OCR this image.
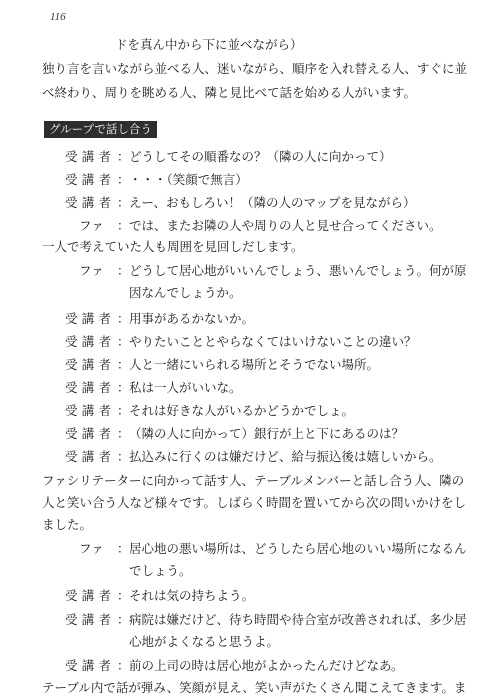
116
ドを真ん中から下に並べながら）
独り言を言いながら並べる人、迷いながら、順序を入れ替える人、すぐに並
べ終わり、周りを眺める人、隣と見比べて話を始める人がいます。
グループで話し合う
受講者 ： どうしてその順番なの？（隣の人に向かって）
受講者 ： ・・・（笑顔で無言）
受講者 ： えー、おもしろい！（隣の人のマップを見ながら）
ファ ： では、またお隣の人や周りの人と見せ合ってください。
一人で考えていた人も周囲を見回しだします。
ファ ： どうして居心地がいいんでしょう、悪いんでしょう。何が原
因なんでしょうか。
受講者 ： 用事があるかないか。
受講者 ： やりたいこととやらなくてはいけないことの違い？
受講者 ： 人と一緒にいられる場所とそうでない場所。
受講者 ： 私は一人がいいな。
受講者 ： それは好きな人がいるかどうかでしょ。
受講者 ： （隣の人に向かって）銀行が上と下にあるのは？
受講者 ： 払込みに行くのは嫌だけど、給与振込後は嬉しいから。
ファシリテーターに向かって話す人、テーブルメンバーと話し合う人、隣の
人と笑い合う人など様々です。しばらく時間を置いてから次の問いかけをし
ました。
ファ ： 居心地の悪い場所は、どうしたら居心地のいい場所になるん
でしょう。
受講者 ： それは気の持ちよう。
受講者 ： 病院は嫌だけど、待ち時間や待合室が改善されれば、多少居
心地がよくなると思うよ。
受講者 ： 前の上司の時は居心地がよかったんだけどなあ。
テーブル内で話が弾み、笑顔が見え、笑い声がたくさん聞こえてきます。ま
